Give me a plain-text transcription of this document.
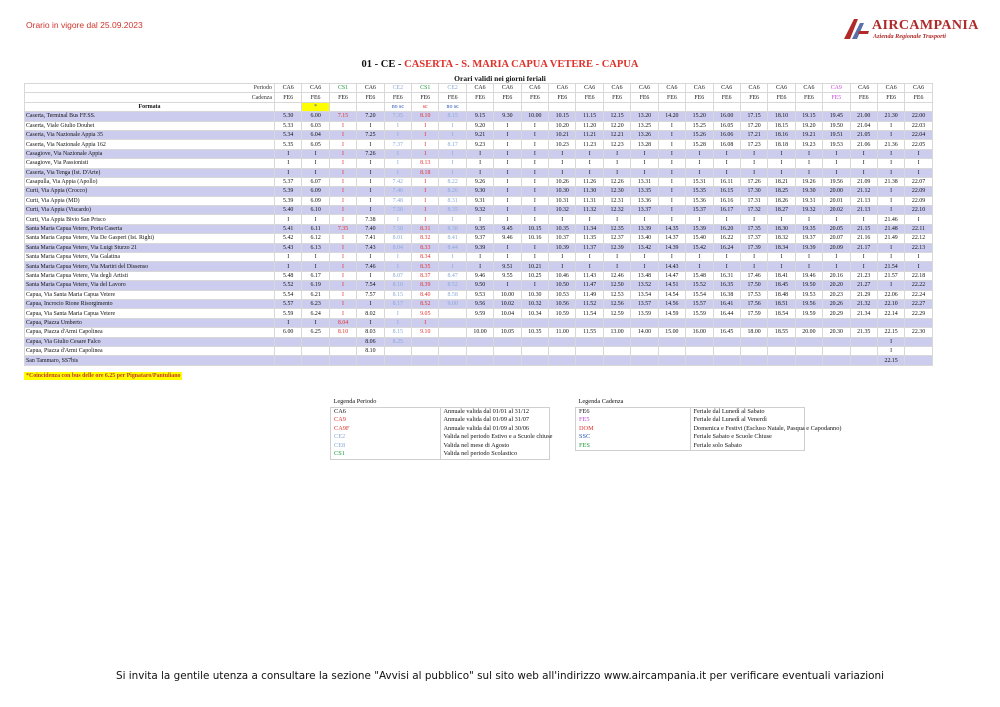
Orario in vigore dal 25.09.2023	AIRCAMPANIA
Azienda Regionale Trasporti
01 - CE - CASERTA - S. MARIA CAPUA VETERE - CAPUA
Orari validi nei giorni feriali
Periodo	CA6	CA6	CS1	CA6	CE2	CS1	CE2	CA6	CA6	CA6	CA6	CA6	CA6	CA6	CA6	CA6	CA6	CA6	CA6	CA6	CA9	CA6	CA6	CA6
Cadenza	FE6	FE6	FE6	FE6	FE6	FE6	FE6	FE6	FE6	FE6	FE6	FE6	FE6	FE6	FE6	FE6	FE6	FE6	FE6	FE6	FE5	FE6	FE6	FE6
Formata		*			no sc	sc	no sc																	
Caserta, Terminal Bus FF.SS.	5.30	6.00	7.15	7.20	7.35	8.10	8.15	9.15	9.30	10.00	10.15	11.15	12.15	13.20	14.20	15.20	16.00	17.15	18.10	19.15	19.45	21.00	21.30	22.00
Caserta, Viale Giulio Douhet	5.33	6.03	I	I	I	I	I	9.20	I	I	10.20	11.20	12.20	13.25	I	15.25	16.05	17.20	18.15	19.20	19.50	21.04	I	22.03
Caserta, Via Nazionale Appia 35	5.34	6.04	I	7.25	I	I	I	9.21	I	I	10.21	11.21	12.21	13.26	I	15.26	16.06	17.21	18.16	19.21	19.51	21.05	I	22.04
Caserta, Via Nazionale Appia 162	5.35	6.05	I	I	7.37	I	8.17	9.23	I	I	10.23	11.23	12.23	13.28	I	15.28	16.08	17.23	18.18	19.23	19.53	21.06	21.36	22.05
Casagiove, Via Nazionale Appia	I	I	I	7.26	I	I	I	I	I	I	I	I	I	I	I	I	I	I	I	I	I	I	I	I
Casagiove, Via Passionisti	I	I	I	I	I	8.13	I	I	I	I	I	I	I	I	I	I	I	I	I	I	I	I	I	I
Caserta, Via Tenga (Ist. D'Arte)	I	I	I	I	I	8.18	I	I	I	I	I	I	I	I	I	I	I	I	I	I	I	I	I	I
Casapulla, Via Appia (Apollo)	5.37	6.07	I	I	7.42	I	8.22	9.26	I	I	10.26	11.26	12.26	13.31	I	15.31	16.11	17.26	18.21	19.26	19.56	21.09	21.38	22.07
Curti, Via Appia (Crocco)	5.39	6.09	I	I	7.46	I	8.26	9.30	I	I	10.30	11.30	12.30	13.35	I	15.35	16.15	17.30	18.25	19.30	20.00	21.12	I	22.09
Curti, Via Appia (MD)	5.39	6.09	I	I	7.48	I	8.31	9.31	I	I	10.31	11.31	12.31	13.36	I	15.36	16.16	17.31	18.26	19.31	20.01	21.13	I	22.09
Curti, Via Appia (Viscardo)	5.40	6.10	I	I	7.50	I	8.35	9.32	I	I	10.32	11.32	12.32	13.37	I	15.37	16.17	17.32	18.27	19.32	20.02	21.13	I	22.10
Curti, Via Appia Bivio San Prisco	I	I	I	7.38	I	I	I	I	I	I	I	I	I	I	I	I	I	I	I	I	I	I	21.46	I
Santa Maria Capua Vetere, Porta Caserta	5.41	6.11	7.35	7.40	7.58	8.31	8.38	9.35	9.45	10.15	10.35	11.34	12.35	13.39	14.35	15.39	16.20	17.35	18.30	19.35	20.05	21.15	21.48	22.11
Santa Maria Capua Vetere, Via De Gasperi (Ist. Righi)	5.42	6.12	I	7.41	8.01	8.32	8.41	9.37	9.46	10.16	10.37	11.35	12.37	13.40	14.37	15.40	16.22	17.37	18.32	19.37	20.07	21.16	21.49	22.12
Santa Maria Capua Vetere, Via Luigi Sturzo 21	5.43	6.13	I	7.43	8.04	8.33	8.44	9.39	I	I	10.39	11.37	12.39	13.42	14.39	15.42	16.24	17.39	18.34	19.39	20.09	21.17	I	22.13
Santa Maria Capua Vetere, Via Galatina	I	I	I	I	I	8.34	I	I	I	I	I	I	I	I	I	I	I	I	I	I	I	I	I	I
Santa Maria Capua Vetere, Via Martiri del Dissenso	I	I	I	7.46	I	8.35	I	I	9.51	10.21	I	I	I	I	14.43	I	I	I	I	I	I	I	21.54	I
Santa Maria Capua Vetere, Via degli Artisti	5.48	6.17	I	I	8.07	8.37	8.47	9.46	9.55	10.25	10.46	11.43	12.46	13.48	14.47	15.48	16.31	17.46	18.41	19.46	20.16	21.23	21.57	22.18
Santa Maria Capua Vetere, Via del Lavoro	5.52	6.19	I	7.54	8.10	8.39	8.52	9.50	I	I	10.50	11.47	12.50	13.52	14.51	15.52	16.35	17.50	18.45	19.50	20.20	21.27	I	22.22
Capua, Via Santa Maria Capua Vetere	5.54	6.21	I	7.57	8.15	8.40	8.58	9.53	10.00	10.30	10.53	11.49	12.53	13.54	14.54	15.54	16.38	17.53	18.48	19.53	20.23	21.29	22.06	22.24
Capua, Incrocio Rione Risorgimento	5.57	6.23	I	I	8.17	8.52	9.00	9.56	10.02	10.32	10.56	11.52	12.56	13.57	14.56	15.57	16.41	17.56	18.51	19.56	20.26	21.32	22.10	22.27
Capua, Via Santa Maria Capua Vetere	5.59	6.24	I	8.02	I	9.05		9.59	10.04	10.34	10.59	11.54	12.59	13.59	14.59	15.59	16.44	17.59	18.54	19.59	20.29	21.34	22.14	22.29
Capua, Piazza Umberto	I	I	8.04	I	I	I																		
Capua, Piazza d'Armi Capolinea	6.00	6.25	8.10	8.03	8.15	9.10		10.00	10.05	10.35	11.00	11.55	13.00	14.00	15.00	16.00	16.45	18.00	18.55	20.00	20.30	21.35	22.15	22.30
Capua, Via Giulio Cesare Falco				8.06	8.25																		I	
Capua, Piazza d'Armi Capolinea				8.10																			I	
San Tammaro, SS7bis																							22.15	
*Coincidenza con bus delle ore 6.25 per Pignataro/Pantuliano
Legenda Periodo	
CA6	Annuale valida dal 01/01 al 31/12
CA9	Annuale valida dal 01/09 al 31/07
CA9F	Annuale valida dal 01/09 al 30/06
CE2	Valida nel periodo Estivo e a Scuole chiuse
CE8	Valida nel mese di Agosto
CS1	Valida nel periodo Scolastico
Legenda Cadenza	
FE6	Feriale dal Lunedì al Sabato
FE5	Feriale dal Lunedì al Venerdì
DOM	Domenica e Festivi (Escluso Natale, Pasqua e Capodanno)
SSC	Feriale Sabato e Scuole Chiuse
FES	Feriale solo Sabato
Si invita la gentile utenza a consultare la sezione "Avvisi al pubblico" sul sito web all'indirizzo www.aircampania.it per verificare eventuali variazioni
